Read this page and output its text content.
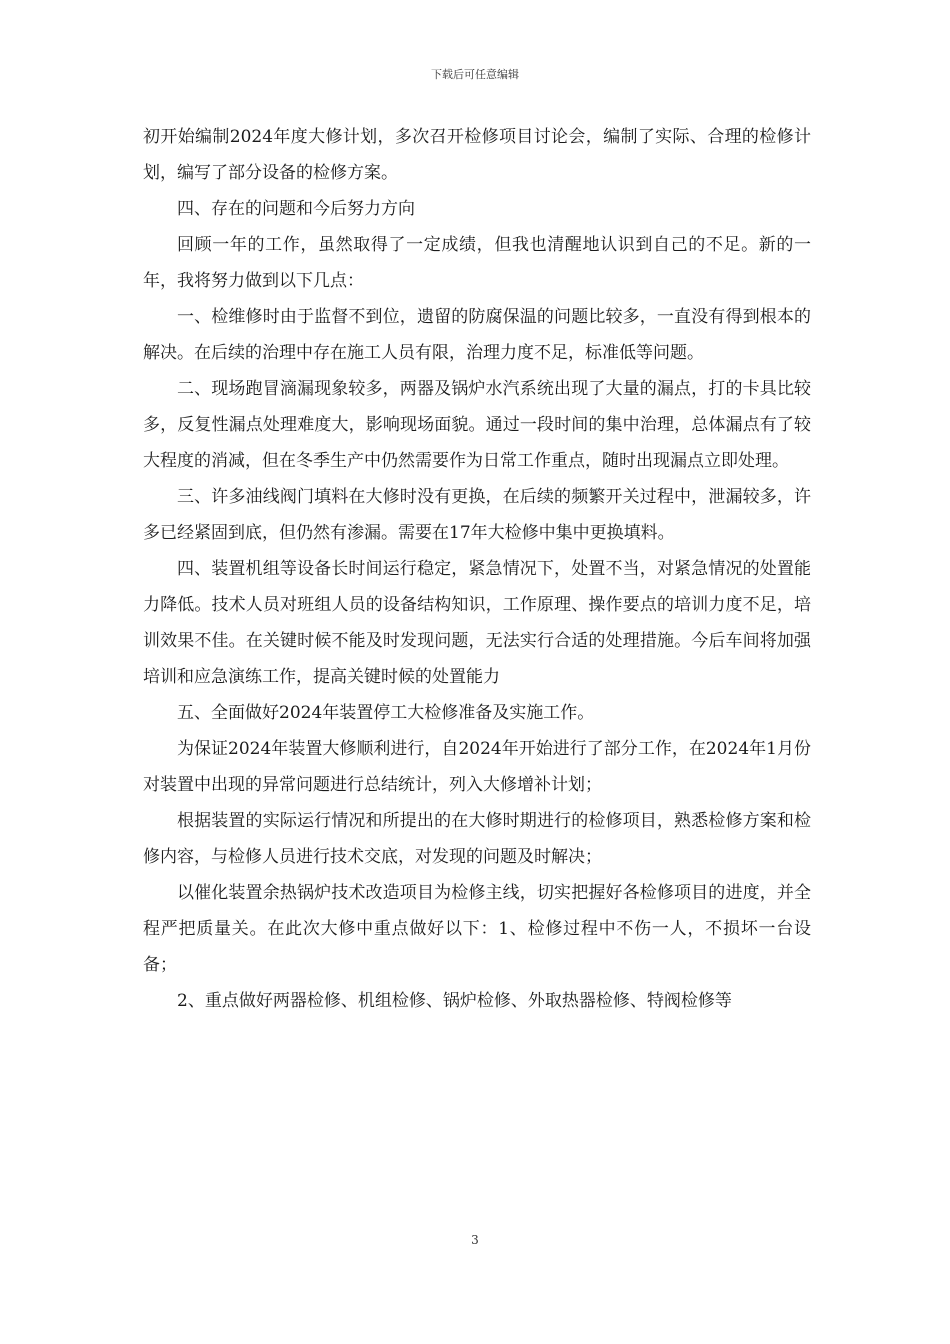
下载后可任意编辑

初开始编制2024年度大修计划，多次召开检修项目讨论会，编制了实际、合理的检修计划，编写了部分设备的检修方案。

四、存在的问题和今后努力方向

回顾一年的工作，虽然取得了一定成绩，但我也清醒地认识到自己的不足。新的一年，我将努力做到以下几点：

一、检维修时由于监督不到位，遗留的防腐保温的问题比较多，一直没有得到根本的解决。在后续的治理中存在施工人员有限，治理力度不足，标准低等问题。

二、现场跑冒滴漏现象较多，两器及锅炉水汽系统出现了大量的漏点，打的卡具比较多，反复性漏点处理难度大，影响现场面貌。通过一段时间的集中治理，总体漏点有了较大程度的消减，但在冬季生产中仍然需要作为日常工作重点，随时出现漏点立即处理。

三、许多油线阀门填料在大修时没有更换，在后续的频繁开关过程中，泄漏较多，许多已经紧固到底，但仍然有渗漏。需要在17年大检修中集中更换填料。

四、装置机组等设备长时间运行稳定，紧急情况下，处置不当，对紧急情况的处置能力降低。技术人员对班组人员的设备结构知识，工作原理、操作要点的培训力度不足，培训效果不佳。在关键时候不能及时发现问题，无法实行合适的处理措施。今后车间将加强培训和应急演练工作，提高关键时候的处置能力

五、全面做好2024年装置停工大检修准备及实施工作。

为保证2024年装置大修顺利进行，自2024年开始进行了部分工作，在2024年1月份对装置中出现的异常问题进行总结统计，列入大修增补计划；

根据装置的实际运行情况和所提出的在大修时期进行的检修项目，熟悉检修方案和检修内容，与检修人员进行技术交底，对发现的问题及时解决；

以催化装置余热锅炉技术改造项目为检修主线，切实把握好各检修项目的进度，并全程严把质量关。在此次大修中重点做好以下：1、检修过程中不伤一人，不损坏一台设备；

2、重点做好两器检修、机组检修、锅炉检修、外取热器检修、特阀检修等

3
